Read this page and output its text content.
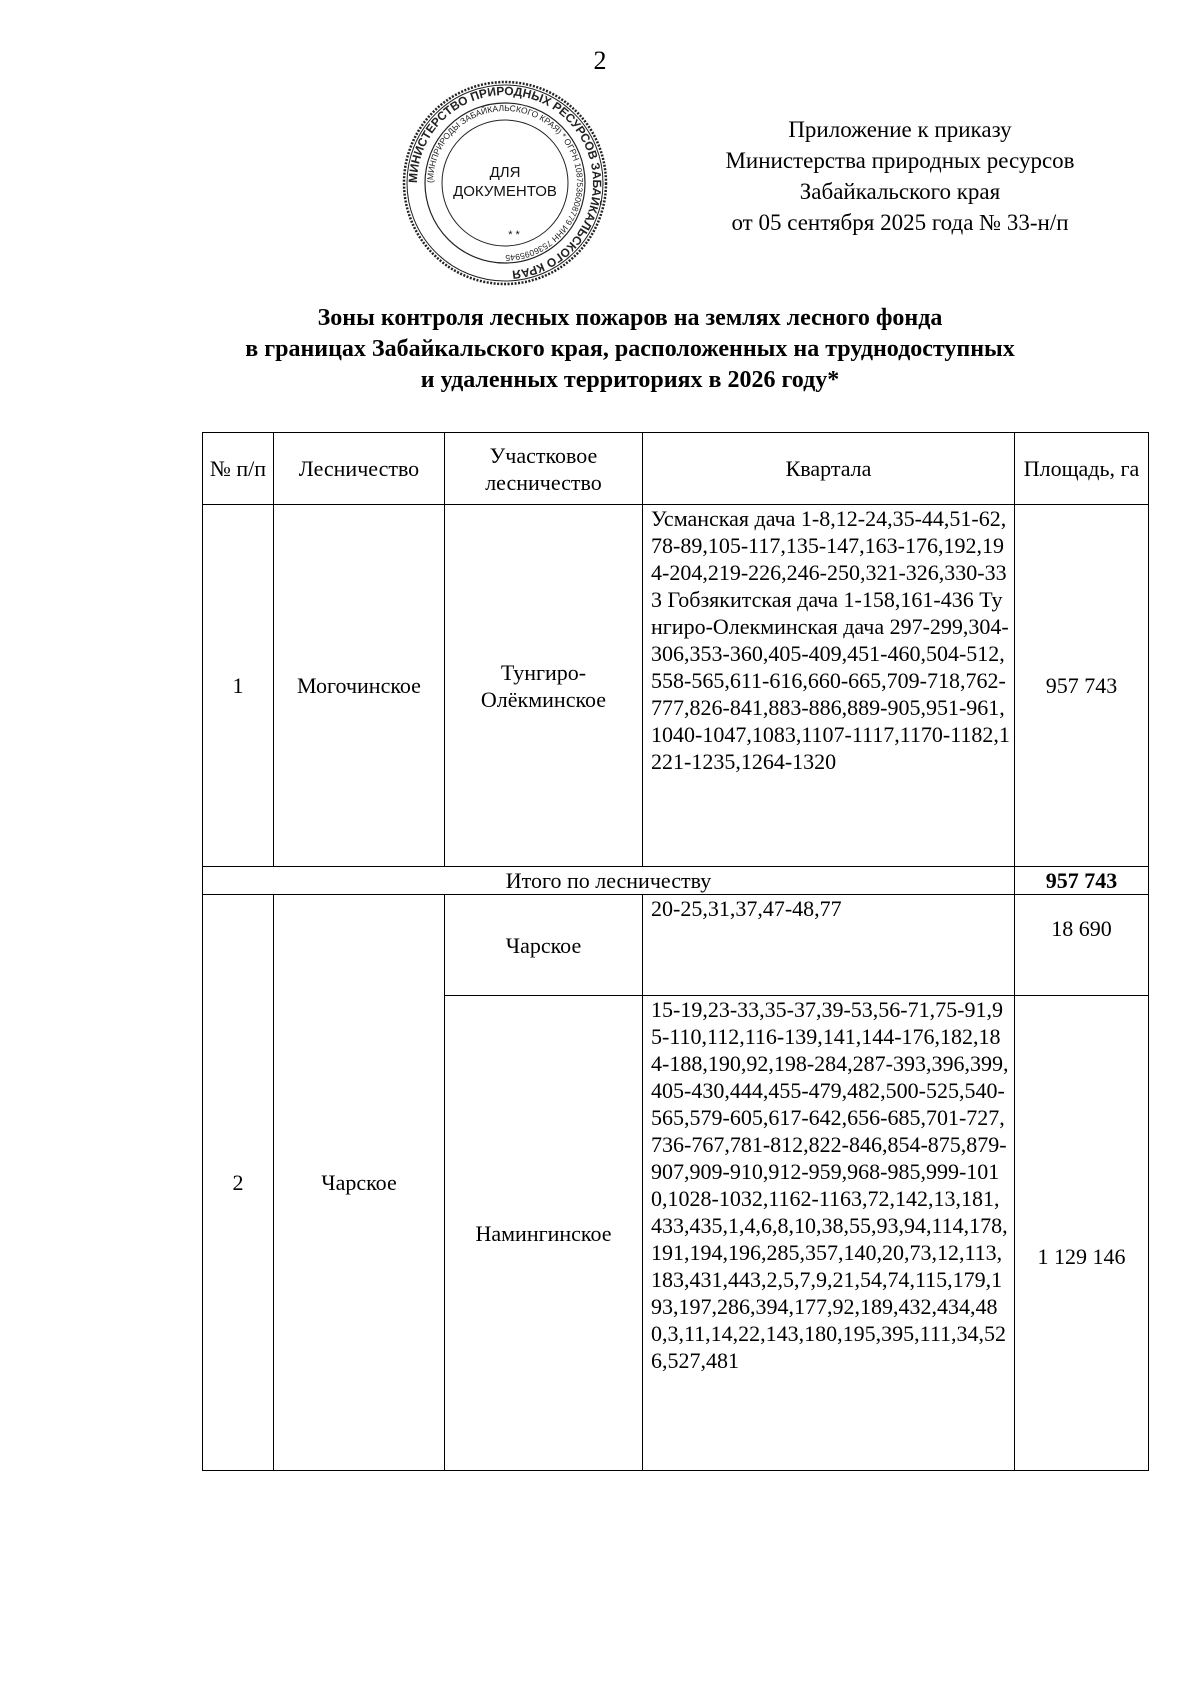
2
МИНИСТЕРСТВО ПРИРОДНЫХ РЕСУРСОВ ЗАБАЙКАЛЬСКОГО КРАЯ
(МИНПРИРОДЫ ЗАБАЙКАЛЬСКОГО КРАЯ) * ОГРН 1087536008779 ИНН 7536095945
ДЛЯ
ДОКУМЕНТОВ
* *
Приложение к приказу
Министерства природных ресурсов
Забайкальского края
от 05 сентября 2025 года № 33-н/п
Зоны контроля лесных пожаров на землях лесного фонда
в границах Забайкальского края, расположенных на труднодоступных
и удаленных территориях в 2026 году*
№ п/п	Лесничество	Участковое лесничество	Квартала	Площадь, га
1	Могочинское	Тунгиро-Олёкминское	Усманская дача 1-8,12-24,35-44,51-62,78-89,105-117,135-147,163-176,192,194-204,219-226,246-250,321-326,330-333 Гобзякитская дача 1-158,161-436 Тунгиро-Олекминская дача 297-299,304-306,353-360,405-409,451-460,504-512,558-565,611-616,660-665,709-718,762-777,826-841,883-886,889-905,951-961,1040-1047,1083,1107-1117,1170-1182,1221-1235,1264-1320	957 743
Итого по лесничеству				957 743
2	Чарское	Чарское	20-25,31,37,47-48,77	18 690
		Намингинское	15-19,23-33,35-37,39-53,56-71,75-91,95-110,112,116-139,141,144-176,182,184-188,190,92,198-284,287-393,396,399,405-430,444,455-479,482,500-525,540-565,579-605,617-642,656-685,701-727,736-767,781-812,822-846,854-875,879-907,909-910,912-959,968-985,999-1010,1028-1032,1162-1163,72,142,13,181,433,435,1,4,6,8,10,38,55,93,94,114,178,191,194,196,285,357,140,20,73,12,113,183,431,443,2,5,7,9,21,54,74,115,179,193,197,286,394,177,92,189,432,434,480,3,11,14,22,143,180,195,395,111,34,526,527,481	1 129 146
